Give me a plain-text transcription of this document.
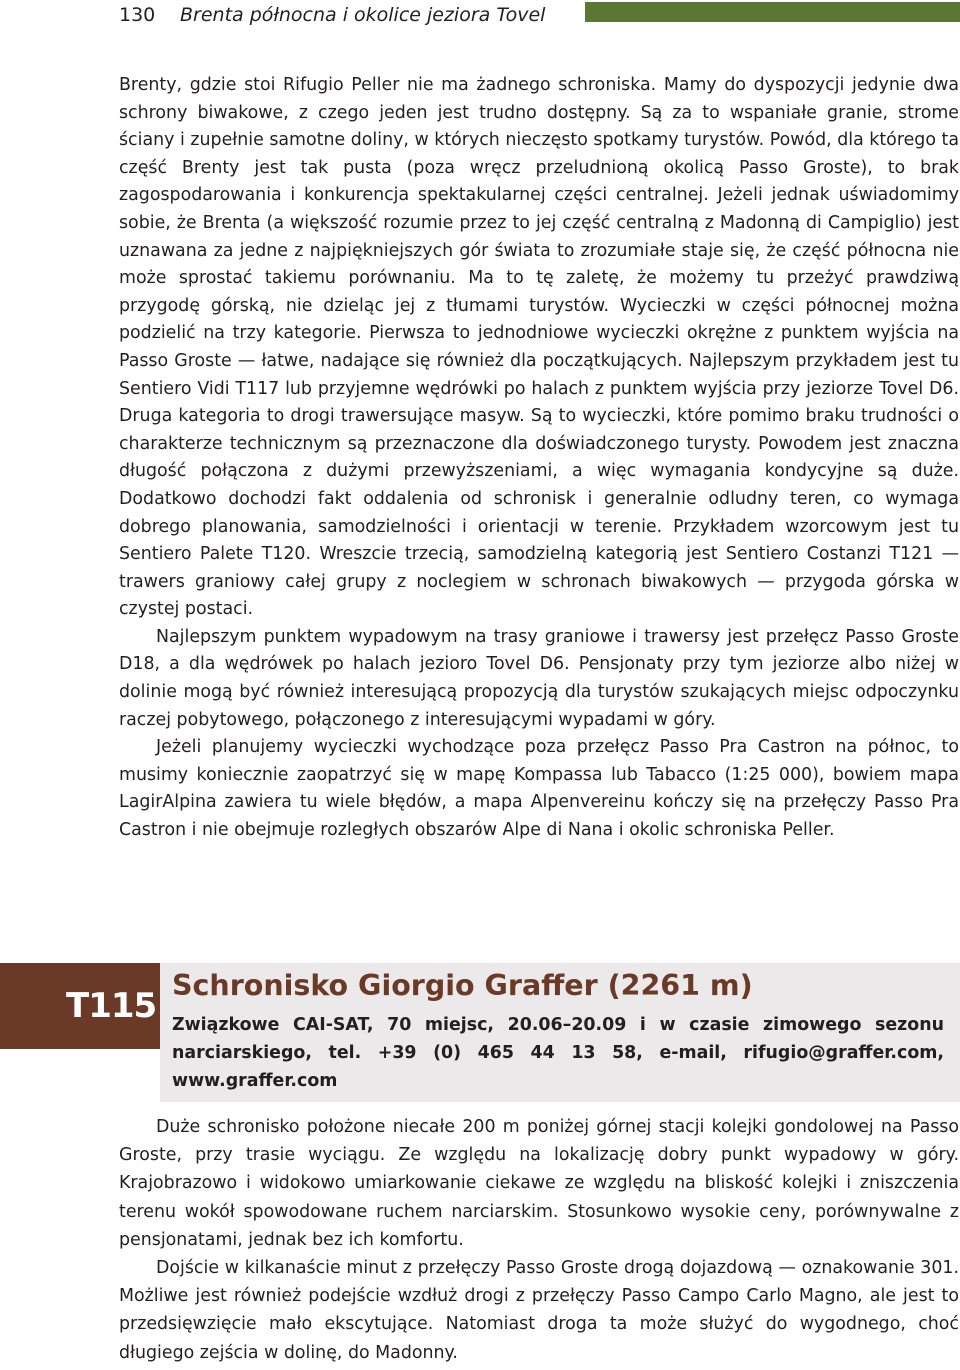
130 Brenta północna i okolice jeziora Tovel

Brenty, gdzie stoi Rifugio Peller nie ma żadnego schroniska. Mamy do dyspozycji jedynie dwa schrony biwakowe, z czego jeden jest trudno dostępny. Są za to wspaniałe granie, strome ściany i zupełnie samotne doliny, w których nieczęsto spotkamy turystów. Powód, dla którego ta część Brenty jest tak pusta (poza wręcz przeludnioną okolicą Passo Groste), to brak zagospodarowania i konkurencja spektakularnej części centralnej. Jeżeli jednak uświadomimy sobie, że Brenta (a większość rozumie przez to jej część centralną z Madonną di Campiglio) jest uznawana za jedne z najpiękniejszych gór świata to zrozumiałe staje się, że część północna nie może sprostać takiemu porównaniu. Ma to tę zaletę, że możemy tu przeżyć prawdziwą przygodę górską, nie dzieląc jej z tłumami turystów. Wycieczki w części północnej można podzielić na trzy kategorie. Pierwsza to jednodniowe wycieczki okrężne z punktem wyjścia na Passo Groste — łatwe, nadające się również dla początkujących. Najlepszym przykładem jest tu Sentiero Vidi T117 lub przyjemne wędrówki po halach z punktem wyjścia przy jeziorze Tovel D6. Druga kategoria to drogi trawersujące masyw. Są to wycieczki, które pomimo braku trudności o charakterze technicznym są przeznaczone dla doświadczonego turysty. Powodem jest znaczna długość połączona z dużymi przewyższeniami, a więc wymagania kondycyjne są duże. Dodatkowo dochodzi fakt oddalenia od schronisk i generalnie odludny teren, co wymaga dobrego planowania, samodzielności i orientacji w terenie. Przykładem wzorcowym jest tu Sentiero Palete T120. Wreszcie trzecią, samodzielną kategorią jest Sentiero Costanzi T121 — trawers graniowy całej grupy z noclegiem w schronach biwakowych — przygoda górska w czystej postaci.

Najlepszym punktem wypadowym na trasy graniowe i trawersy jest przełęcz Passo Groste D18, a dla wędrówek po halach jezioro Tovel D6. Pensjonaty przy tym jeziorze albo niżej w dolinie mogą być również interesującą propozycją dla turystów szukających miejsc odpoczynku raczej pobytowego, połączonego z interesującymi wypadami w góry.

Jeżeli planujemy wycieczki wychodzące poza przełęcz Passo Pra Castron na północ, to musimy koniecznie zaopatrzyć się w mapę Kompassa lub Tabacco (1:25 000), bowiem mapa LagirAlpina zawiera tu wiele błędów, a mapa Alpenvereinu kończy się na przełęczy Passo Pra Castron i nie obejmuje rozległych obszarów Alpe di Nana i okolic schroniska Peller.

T115
Schronisko Giorgio Graffer (2261 m)
Związkowe CAI-SAT, 70 miejsc, 20.06–20.09 i w czasie zimowego sezonu narciarskiego, tel. +39 (0) 465 44 13 58, e-mail, rifugio@graffer.com, www.graffer.com

Duże schronisko położone niecałe 200 m poniżej górnej stacji kolejki gondolowej na Passo Groste, przy trasie wyciągu. Ze względu na lokalizację dobry punkt wypadowy w góry. Krajobrazowo i widokowo umiarkowanie ciekawe ze względu na bliskość kolejki i zniszczenia terenu wokół spowodowane ruchem narciarskim. Stosunkowo wysokie ceny, porównywalne z pensjonatami, jednak bez ich komfortu.

Dojście w kilkanaście minut z przełęczy Passo Groste drogą dojazdową — oznakowanie 301. Możliwe jest również podejście wzdłuż drogi z przełęczy Passo Campo Carlo Magno, ale jest to przedsięwzięcie mało ekscytujące. Natomiast droga ta może służyć do wygodnego, choć długiego zejścia w dolinę, do Madonny.
